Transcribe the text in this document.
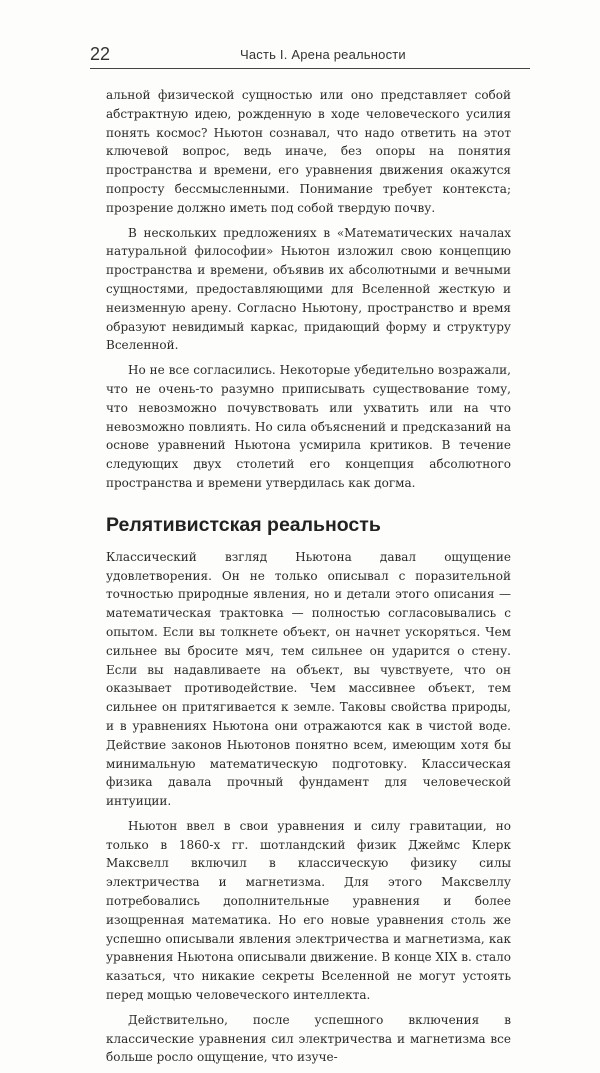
22	Часть I. Арена реальности

альной физической сущностью или оно представляет собой абстрактную идею, рожденную в ходе человеческого усилия понять космос? Ньютон сознавал, что надо ответить на этот ключевой вопрос, ведь иначе, без опоры на понятия пространства и времени, его уравнения движения окажутся попросту бессмысленными. Понимание требует контекста; прозрение должно иметь под собой твердую почву.

В нескольких предложениях в «Математических началах натуральной философии» Ньютон изложил свою концепцию пространства и времени, объявив их абсолютными и вечными сущностями, предоставляющими для Вселенной жесткую и неизменную арену. Согласно Ньютону, пространство и время образуют невидимый каркас, придающий форму и структуру Вселенной.

Но не все согласились. Некоторые убедительно возражали, что не очень-то разумно приписывать существование тому, что невозможно почувствовать или ухватить или на что невозможно повлиять. Но сила объяснений и предсказаний на основе уравнений Ньютона усмирила критиков. В течение следующих двух столетий его концепция абсолютного пространства и времени утвердилась как догма.

Релятивистская реальность

Классический взгляд Ньютона давал ощущение удовлетворения. Он не только описывал с поразительной точностью природные явления, но и детали этого описания — математическая трактовка — полностью согласовывались с опытом. Если вы толкнете объект, он начнет ускоряться. Чем сильнее вы бросите мяч, тем сильнее он ударится о стену. Если вы надавливаете на объект, вы чувствуете, что он оказывает противодействие. Чем массивнее объект, тем сильнее он притягивается к земле. Таковы свойства природы, и в уравнениях Ньютона они отражаются как в чистой воде. Действие законов Ньютонов понятно всем, имеющим хотя бы минимальную математическую подготовку. Классическая физика давала прочный фундамент для человеческой интуиции.

Ньютон ввел в свои уравнения и силу гравитации, но только в 1860-х гг. шотландский физик Джеймс Клерк Максвелл включил в классическую физику силы электричества и магнетизма. Для этого Максвеллу потребовались дополнительные уравнения и более изощренная математика. Но его новые уравнения столь же успешно описывали явления электричества и магнетизма, как уравнения Ньютона описывали движение. В конце XIX в. стало казаться, что никакие секреты Вселенной не могут устоять перед мощью человеческого интеллекта.

Действительно, после успешного включения в классические уравнения сил электричества и магнетизма все больше росло ощущение, что изуче-
